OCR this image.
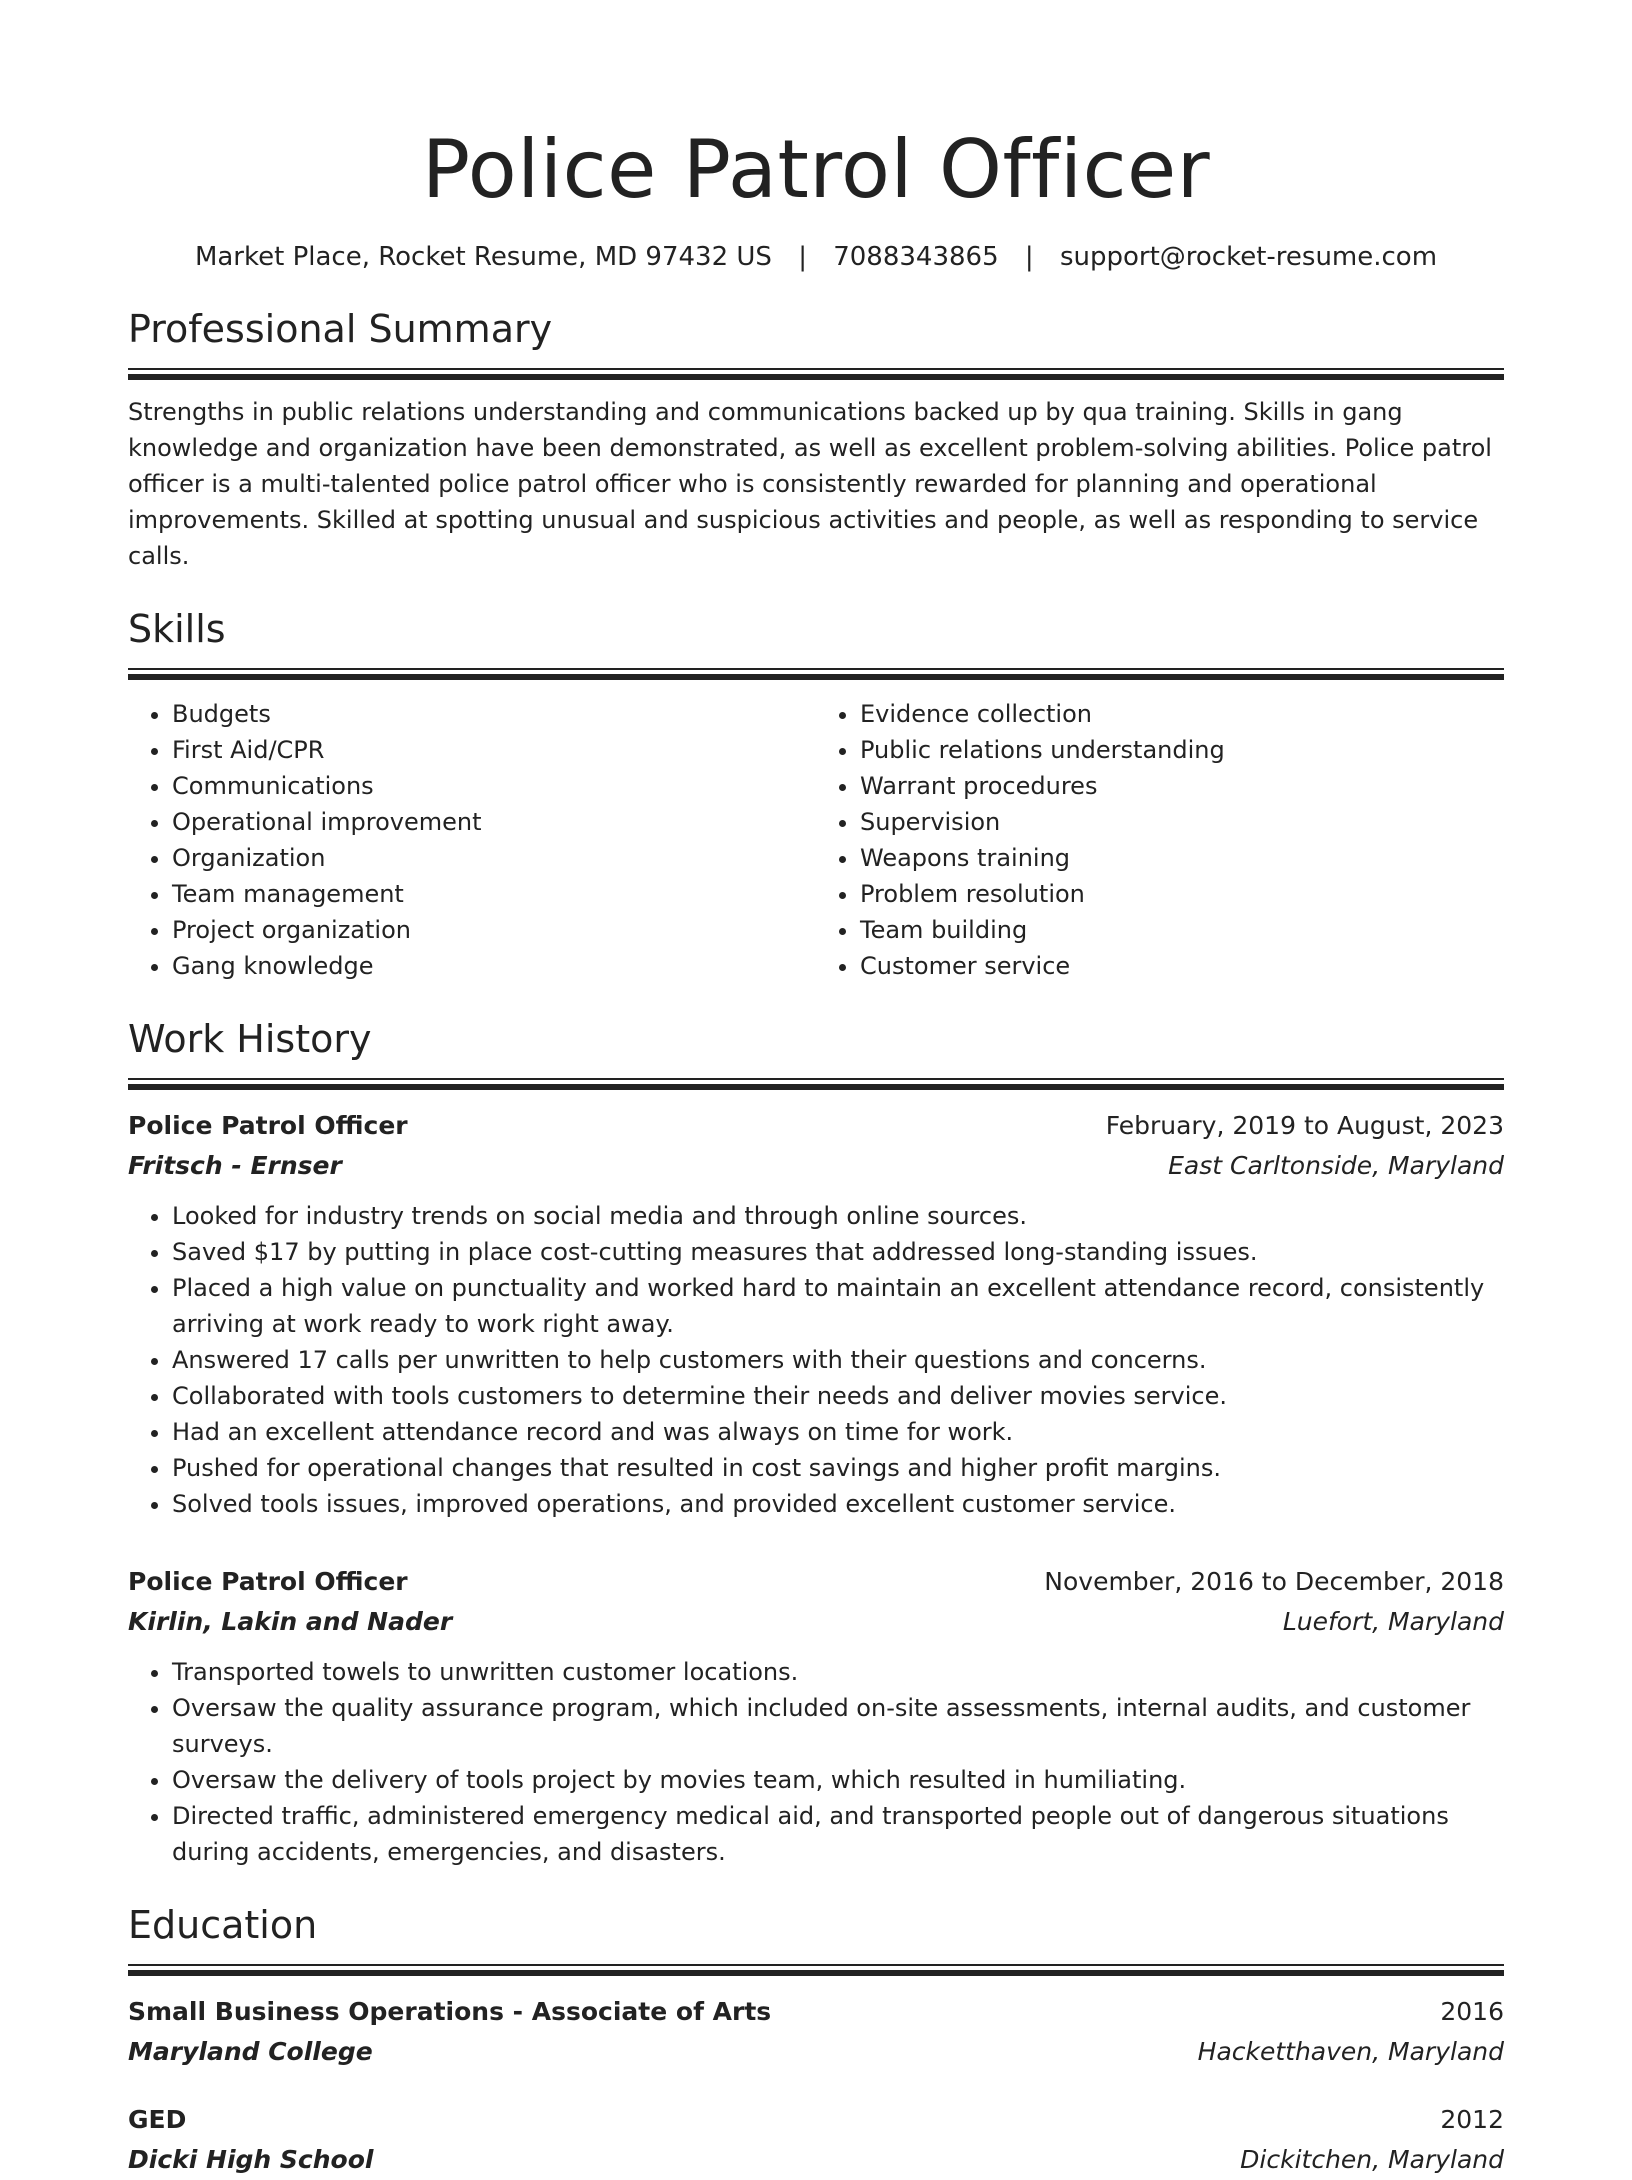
Police Patrol Officer
Market Place, Rocket Resume, MD 97432 US | 7088343865 | support@rocket-resume.com
Professional Summary
Strengths in public relations understanding and communications backed up by qua training. Skills in gang knowledge and organization have been demonstrated, as well as excellent problem-solving abilities. Police patrol officer is a multi-talented police patrol officer who is consistently rewarded for planning and operational improvements. Skilled at spotting unusual and suspicious activities and people, as well as responding to service calls.
Skills
• Budgets
• First Aid/CPR
• Communications
• Operational improvement
• Organization
• Team management
• Project organization
• Gang knowledge
• Evidence collection
• Public relations understanding
• Warrant procedures
• Supervision
• Weapons training
• Problem resolution
• Team building
• Customer service
Work History
Police Patrol Officer	February, 2019 to August, 2023
Fritsch - Ernser	East Carltonside, Maryland
• Looked for industry trends on social media and through online sources.
• Saved $17 by putting in place cost-cutting measures that addressed long-standing issues.
• Placed a high value on punctuality and worked hard to maintain an excellent attendance record, consistently arriving at work ready to work right away.
• Answered 17 calls per unwritten to help customers with their questions and concerns.
• Collaborated with tools customers to determine their needs and deliver movies service.
• Had an excellent attendance record and was always on time for work.
• Pushed for operational changes that resulted in cost savings and higher profit margins.
• Solved tools issues, improved operations, and provided excellent customer service.
Police Patrol Officer	November, 2016 to December, 2018
Kirlin, Lakin and Nader	Luefort, Maryland
• Transported towels to unwritten customer locations.
• Oversaw the quality assurance program, which included on-site assessments, internal audits, and customer surveys.
• Oversaw the delivery of tools project by movies team, which resulted in humiliating.
• Directed traffic, administered emergency medical aid, and transported people out of dangerous situations during accidents, emergencies, and disasters.
Education
Small Business Operations - Associate of Arts	2016
Maryland College	Hacketthaven, Maryland
GED	2012
Dicki High School	Dickitchen, Maryland
